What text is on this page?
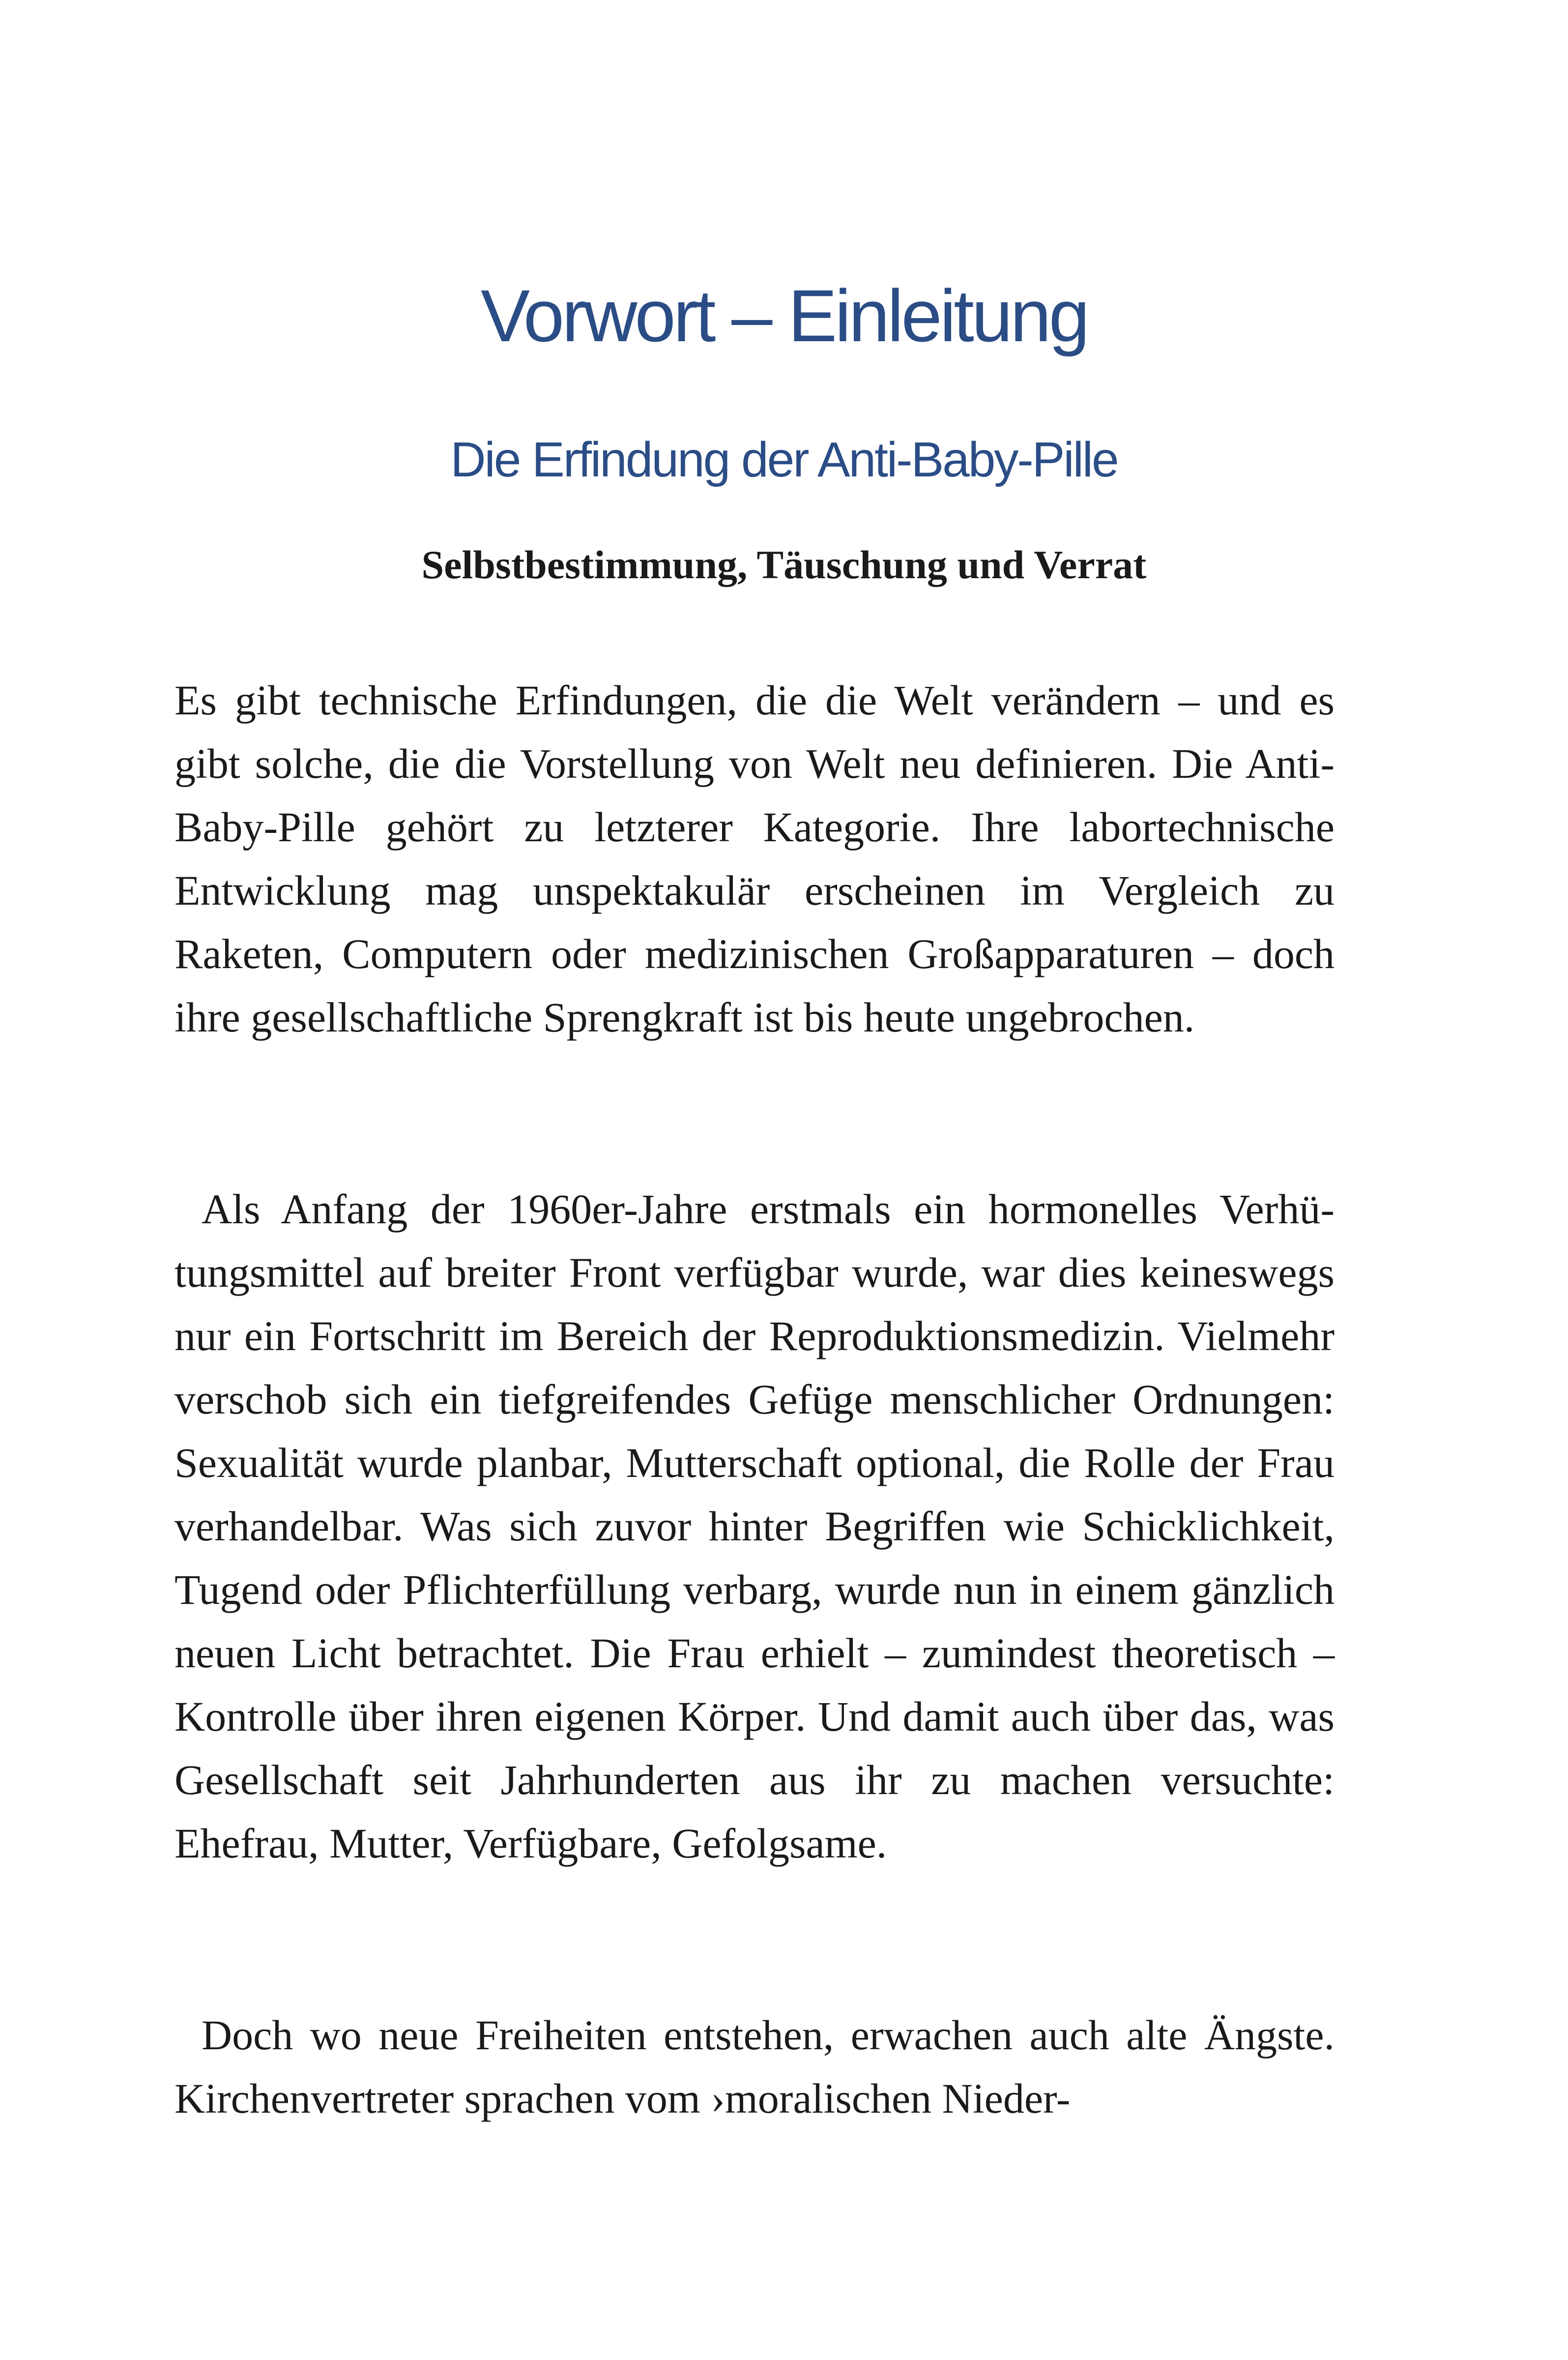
Vorwort – Einleitung
Die Erfindung der Anti-Baby-Pille
Selbstbestimmung, Täuschung und Verrat

Es gibt technische Erfindungen, die die Welt verändern – und es gibt solche, die die Vorstellung von Welt neu definieren. Die Anti-Baby-Pille gehört zu letzterer Kategorie. Ihre labortechnische Entwicklung mag unspektakulär erscheinen im Vergleich zu Raketen, Computern oder medizinischen Großapparaturen – doch ihre gesellschaftliche Sprengkraft ist bis heute ungebrochen.

Als Anfang der 1960er-Jahre erstmals ein hormonelles Verhütungsmittel auf breiter Front verfügbar wurde, war dies keineswegs nur ein Fortschritt im Bereich der Reproduktionsmedizin. Vielmehr verschob sich ein tiefgreifendes Gefüge menschlicher Ordnungen: Sexualität wurde planbar, Mutterschaft optional, die Rolle der Frau verhandelbar. Was sich zuvor hinter Begriffen wie Schicklichkeit, Tugend oder Pflichterfüllung verbarg, wurde nun in einem gänzlich neuen Licht betrachtet. Die Frau erhielt – zumindest theoretisch – Kontrolle über ihren eigenen Körper. Und damit auch über das, was Gesellschaft seit Jahrhunderten aus ihr zu machen versuchte: Ehefrau, Mutter, Verfügbare, Gefolgsame.

Doch wo neue Freiheiten entstehen, erwachen auch alte Ängste. Kirchenvertreter sprachen vom ›moralischen Nieder-
